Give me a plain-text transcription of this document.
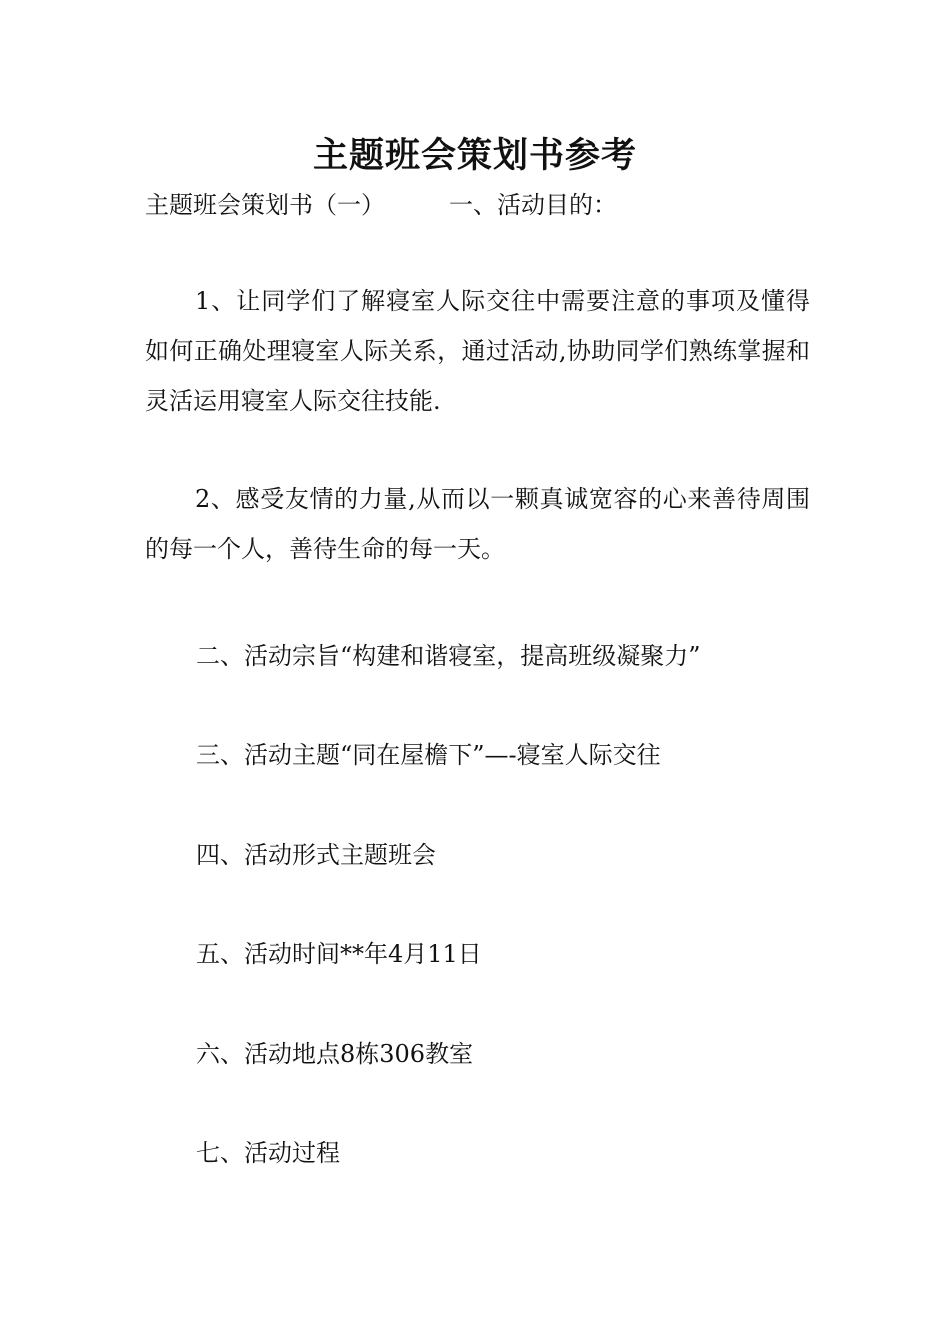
主题班会策划书参考
主题班会策划书（一）	一、活动目的：
1、让同学们了解寝室人际交往中需要注意的事项及懂得如何正确处理寝室人际关系，通过活动,协助同学们熟练掌握和灵活运用寝室人际交往技能.
2、感受友情的力量,从而以一颗真诚宽容的心来善待周围的每一个人，善待生命的每一天。
二、活动宗旨“构建和谐寝室，提高班级凝聚力”
三、活动主题“同在屋檐下”—-寝室人际交往
四、活动形式主题班会
五、活动时间**年4月11日
六、活动地点8栋306教室
七、活动过程
